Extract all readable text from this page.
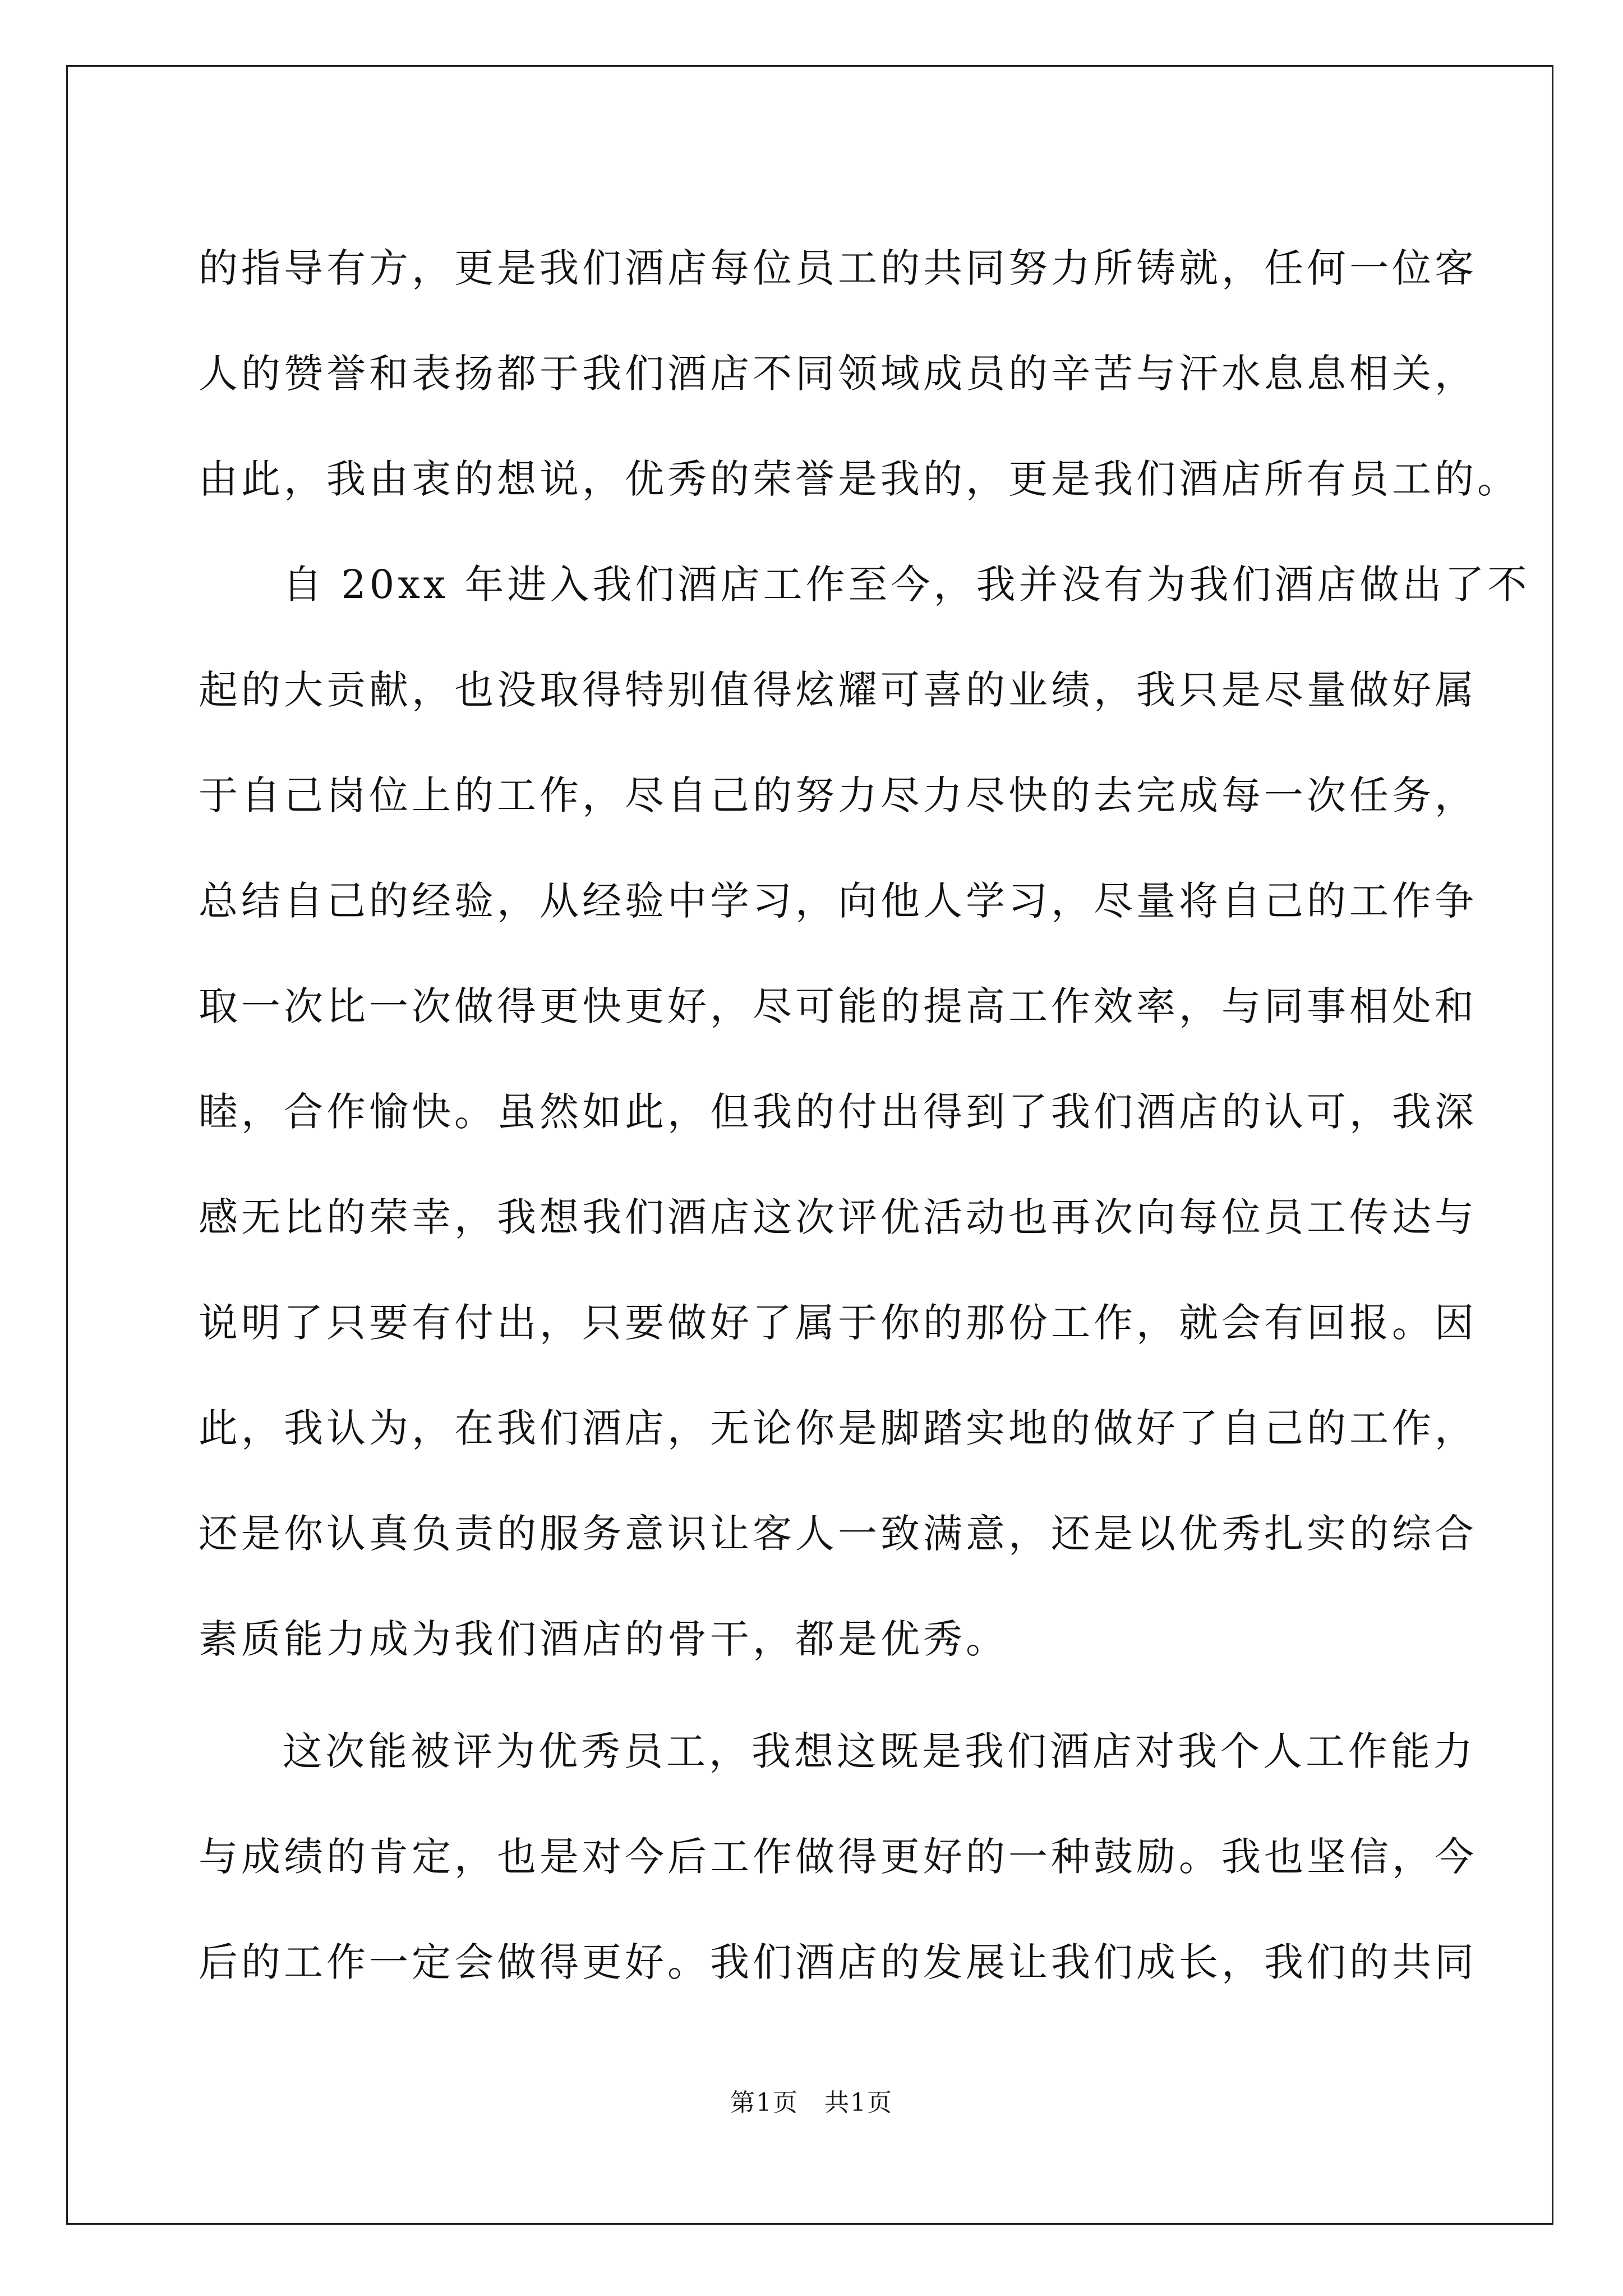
的指导有方，更是我们酒店每位员工的共同努力所铸就，任何一位客
人的赞誉和表扬都于我们酒店不同领域成员的辛苦与汗水息息相关，
由此，我由衷的想说，优秀的荣誉是我的，更是我们酒店所有员工的。
自 20xx 年进入我们酒店工作至今，我并没有为我们酒店做出了不
起的大贡献，也没取得特别值得炫耀可喜的业绩，我只是尽量做好属
于自己岗位上的工作，尽自己的努力尽力尽快的去完成每一次任务，
总结自己的经验，从经验中学习，向他人学习，尽量将自己的工作争
取一次比一次做得更快更好，尽可能的提高工作效率，与同事相处和
睦，合作愉快。虽然如此，但我的付出得到了我们酒店的认可，我深
感无比的荣幸，我想我们酒店这次评优活动也再次向每位员工传达与
说明了只要有付出，只要做好了属于你的那份工作，就会有回报。因
此，我认为，在我们酒店，无论你是脚踏实地的做好了自己的工作，
还是你认真负责的服务意识让客人一致满意，还是以优秀扎实的综合
素质能力成为我们酒店的骨干，都是优秀。
这次能被评为优秀员工，我想这既是我们酒店对我个人工作能力
与成绩的肯定，也是对今后工作做得更好的一种鼓励。我也坚信，今
后的工作一定会做得更好。我们酒店的发展让我们成长，我们的共同
第1页　共1页
